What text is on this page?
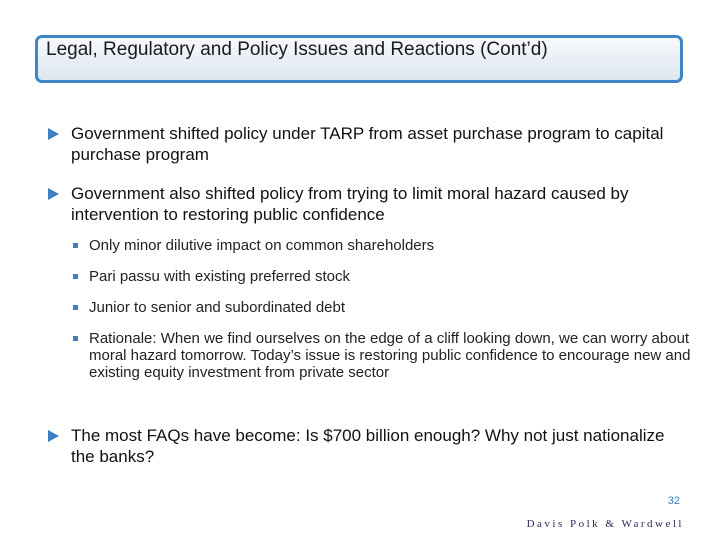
Legal, Regulatory and Policy Issues and Reactions (Cont’d)
Government shifted policy under TARP from asset purchase program to capital purchase program
Government also shifted policy from trying to limit moral hazard caused by intervention to restoring public confidence
Only minor dilutive impact on common shareholders
Pari passu with existing preferred stock
Junior to senior and subordinated debt
Rationale: When we find ourselves on the edge of a cliff looking down, we can worry about moral hazard tomorrow. Today’s issue is restoring public confidence to encourage new and existing equity investment from private sector
The most FAQs have become: Is $700 billion enough? Why not just nationalize the banks?
32
Davis Polk & Wardwell
